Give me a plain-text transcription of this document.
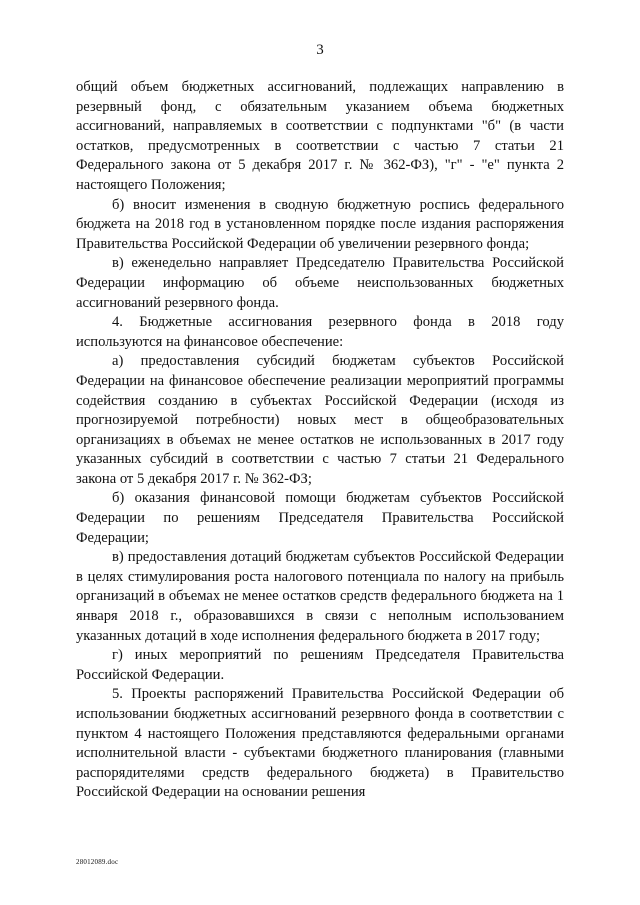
3

общий объем бюджетных ассигнований, подлежащих направлению в резервный фонд, с обязательным указанием объема бюджетных ассигнований, направляемых в соответствии с подпунктами "б" (в части остатков, предусмотренных в соответствии с частью 7 статьи 21 Федерального закона от 5 декабря 2017 г. № 362-ФЗ), "г" - "е" пункта 2 настоящего Положения;

б) вносит изменения в сводную бюджетную роспись федерального бюджета на 2018 год в установленном порядке после издания распоряжения Правительства Российской Федерации об увеличении резервного фонда;

в) еженедельно направляет Председателю Правительства Российской Федерации информацию об объеме неиспользованных бюджетных ассигнований резервного фонда.

4. Бюджетные ассигнования резервного фонда в 2018 году используются на финансовое обеспечение:

а) предоставления субсидий бюджетам субъектов Российской Федерации на финансовое обеспечение реализации мероприятий программы содействия созданию в субъектах Российской Федерации (исходя из прогнозируемой потребности) новых мест в общеобразовательных организациях в объемах не менее остатков не использованных в 2017 году указанных субсидий в соответствии с частью 7 статьи 21 Федерального закона от 5 декабря 2017 г. № 362-ФЗ;

б) оказания финансовой помощи бюджетам субъектов Российской Федерации по решениям Председателя Правительства Российской Федерации;

в) предоставления дотаций бюджетам субъектов Российской Федерации в целях стимулирования роста налогового потенциала по налогу на прибыль организаций в объемах не менее остатков средств федерального бюджета на 1 января 2018 г., образовавшихся в связи с неполным использованием указанных дотаций в ходе исполнения федерального бюджета в 2017 году;

г) иных мероприятий по решениям Председателя Правительства Российской Федерации.

5. Проекты распоряжений Правительства Российской Федерации об использовании бюджетных ассигнований резервного фонда в соответствии с пунктом 4 настоящего Положения представляются федеральными органами исполнительной власти - субъектами бюджетного планирования (главными распорядителями средств федерального бюджета) в Правительство Российской Федерации на основании решения

28012089.doc
